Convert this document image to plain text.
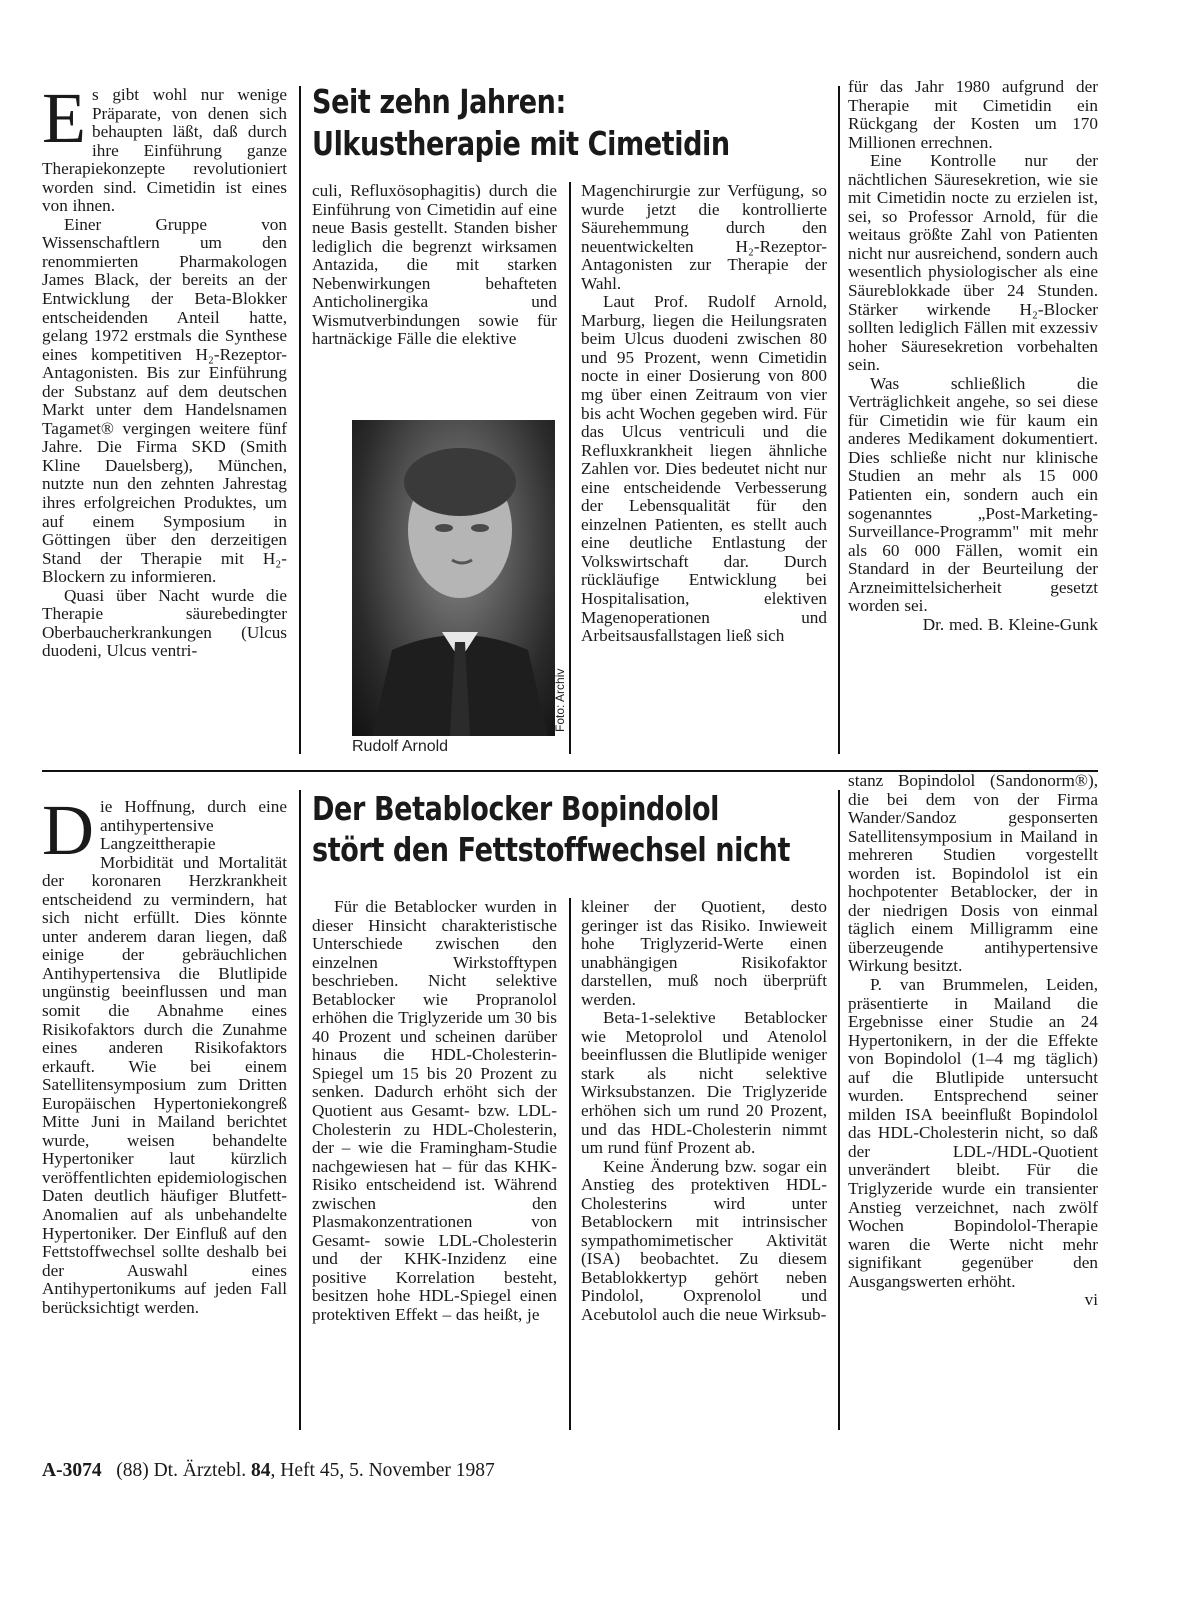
E s gibt wohl nur wenige Präparate, von denen sich behaupten läßt, daß durch ihre Einführung ganze Therapiekonzepte revolutioniert worden sind. Cimetidin ist eines von ihnen.

Einer Gruppe von Wissenschaftlern um den renommierten Pharmakologen James Black, der bereits an der Entwicklung der Beta-Blokker entscheidenden Anteil hatte, gelang 1972 erstmals die Synthese eines kompetitiven H₂-Rezeptor-Antagonisten. Bis zur Einführung der Substanz auf dem deutschen Markt unter dem Handelsnamen Tagamet® vergingen weitere fünf Jahre. Die Firma SKD (Smith Kline Dauelsberg), München, nutzte nun den zehnten Jahrestag ihres erfolgreichen Produktes, um auf einem Symposium in Göttingen über den derzeitigen Stand der Therapie mit H₂-Blockern zu informieren.

Quasi über Nacht wurde die Therapie säurebedingter Oberbaucherkrankungen (Ulcus duodeni, Ulcus ventri-

Seit zehn Jahren:
Ulkustherapie mit Cimetidin

culi, Refluxösophagitis) durch die Einführung von Cimetidin auf eine neue Basis gestellt. Standen bisher lediglich die begrenzt wirksamen Antazida, die mit starken Nebenwirkungen behafteten Anticholinergika und Wismutverbindungen sowie für hartnäckige Fälle die elektive

Rudolf Arnold
Foto: Archiv

Magenchirurgie zur Verfügung, so wurde jetzt die kontrollierte Säurehemmung durch den neuentwickelten H₂-Rezeptor-Antagonisten zur Therapie der Wahl.

Laut Prof. Rudolf Arnold, Marburg, liegen die Heilungsraten beim Ulcus duodeni zwischen 80 und 95 Prozent, wenn Cimetidin nocte in einer Dosierung von 800 mg über einen Zeitraum von vier bis acht Wochen gegeben wird. Für das Ulcus ventriculi und die Refluxkrankheit liegen ähnliche Zahlen vor. Dies bedeutet nicht nur eine entscheidende Verbesserung der Lebensqualität für den einzelnen Patienten, es stellt auch eine deutliche Entlastung der Volkswirtschaft dar. Durch rückläufige Entwicklung bei Hospitalisation, elektiven Magenoperationen und Arbeitsausfallstagen ließ sich

für das Jahr 1980 aufgrund der Therapie mit Cimetidin ein Rückgang der Kosten um 170 Millionen errechnen.

Eine Kontrolle nur der nächtlichen Säuresekretion, wie sie mit Cimetidin nocte zu erzielen ist, sei, so Professor Arnold, für die weitaus größte Zahl von Patienten nicht nur ausreichend, sondern auch wesentlich physiologischer als eine Säureblokkade über 24 Stunden. Stärker wirkende H₂-Blocker sollten lediglich Fällen mit exzessiv hoher Säuresekretion vorbehalten sein.

Was schließlich die Verträglichkeit angehe, so sei diese für Cimetidin wie für kaum ein anderes Medikament dokumentiert. Dies schließe nicht nur klinische Studien an mehr als 15 000 Patienten ein, sondern auch ein sogenanntes „Post-Marketing-Surveillance-Programm" mit mehr als 60 000 Fällen, womit ein Standard in der Beurteilung der Arzneimittelsicherheit gesetzt worden sei.

Dr. med. B. Kleine-Gunk

D ie Hoffnung, durch eine antihypertensive Langzeittherapie Morbidität und Mortalität der koronaren Herzkrankheit entscheidend zu vermindern, hat sich nicht erfüllt. Dies könnte unter anderem daran liegen, daß einige der gebräuchlichen Antihypertensiva die Blutlipide ungünstig beeinflussen und man somit die Abnahme eines Risikofaktors durch die Zunahme eines anderen Risikofaktors erkauft. Wie bei einem Satellitensymposium zum Dritten Europäischen Hypertoniekongreß Mitte Juni in Mailand berichtet wurde, weisen behandelte Hypertoniker laut kürzlich veröffentlichten epidemiologischen Daten deutlich häufiger Blutfett-Anomalien auf als unbehandelte Hypertoniker. Der Einfluß auf den Fettstoffwechsel sollte deshalb bei der Auswahl eines Antihypertonikums auf jeden Fall berücksichtigt werden.

Der Betablocker Bopindolol
stört den Fettstoffwechsel nicht

Für die Betablocker wurden in dieser Hinsicht charakteristische Unterschiede zwischen den einzelnen Wirkstofftypen beschrieben. Nicht selektive Betablocker wie Propranolol erhöhen die Triglyzeride um 30 bis 40 Prozent und scheinen darüber hinaus die HDL-Cholesterin-Spiegel um 15 bis 20 Prozent zu senken. Dadurch erhöht sich der Quotient aus Gesamt- bzw. LDL-Cholesterin zu HDL-Cholesterin, der – wie die Framingham-Studie nachgewiesen hat – für das KHK-Risiko entscheidend ist. Während zwischen den Plasmakonzentrationen von Gesamt- sowie LDL-Cholesterin und der KHK-Inzidenz eine positive Korrelation besteht, besitzen hohe HDL-Spiegel einen protektiven Effekt – das heißt, je

kleiner der Quotient, desto geringer ist das Risiko. Inwieweit hohe Triglyzerid-Werte einen unabhängigen Risikofaktor darstellen, muß noch überprüft werden.

Beta-1-selektive Betablocker wie Metoprolol und Atenolol beeinflussen die Blutlipide weniger stark als nicht selektive Wirksubstanzen. Die Triglyzeride erhöhen sich um rund 20 Prozent, und das HDL-Cholesterin nimmt um rund fünf Prozent ab.

Keine Änderung bzw. sogar ein Anstieg des protektiven HDL-Cholesterins wird unter Betablockern mit intrinsischer sympathomimetischer Aktivität (ISA) beobachtet. Zu diesem Betablokkertyp gehört neben Pindolol, Oxprenolol und Acebutolol auch die neue Wirksub-

stanz Bopindolol (Sandonorm®), die bei dem von der Firma Wander/Sandoz gesponserten Satellitensymposium in Mailand in mehreren Studien vorgestellt worden ist. Bopindolol ist ein hochpotenter Betablocker, der in der niedrigen Dosis von einmal täglich einem Milligramm eine überzeugende antihypertensive Wirkung besitzt.

P. van Brummelen, Leiden, präsentierte in Mailand die Ergebnisse einer Studie an 24 Hypertonikern, in der die Effekte von Bopindolol (1–4 mg täglich) auf die Blutlipide untersucht wurden. Entsprechend seiner milden ISA beeinflußt Bopindolol das HDL-Cholesterin nicht, so daß der LDL-/HDL-Quotient unverändert bleibt. Für die Triglyzeride wurde ein transienter Anstieg verzeichnet, nach zwölf Wochen Bopindolol-Therapie waren die Werte nicht mehr signifikant gegenüber den Ausgangswerten erhöht.

vi

A-3074 (88) Dt. Ärztebl. 84, Heft 45, 5. November 1987
